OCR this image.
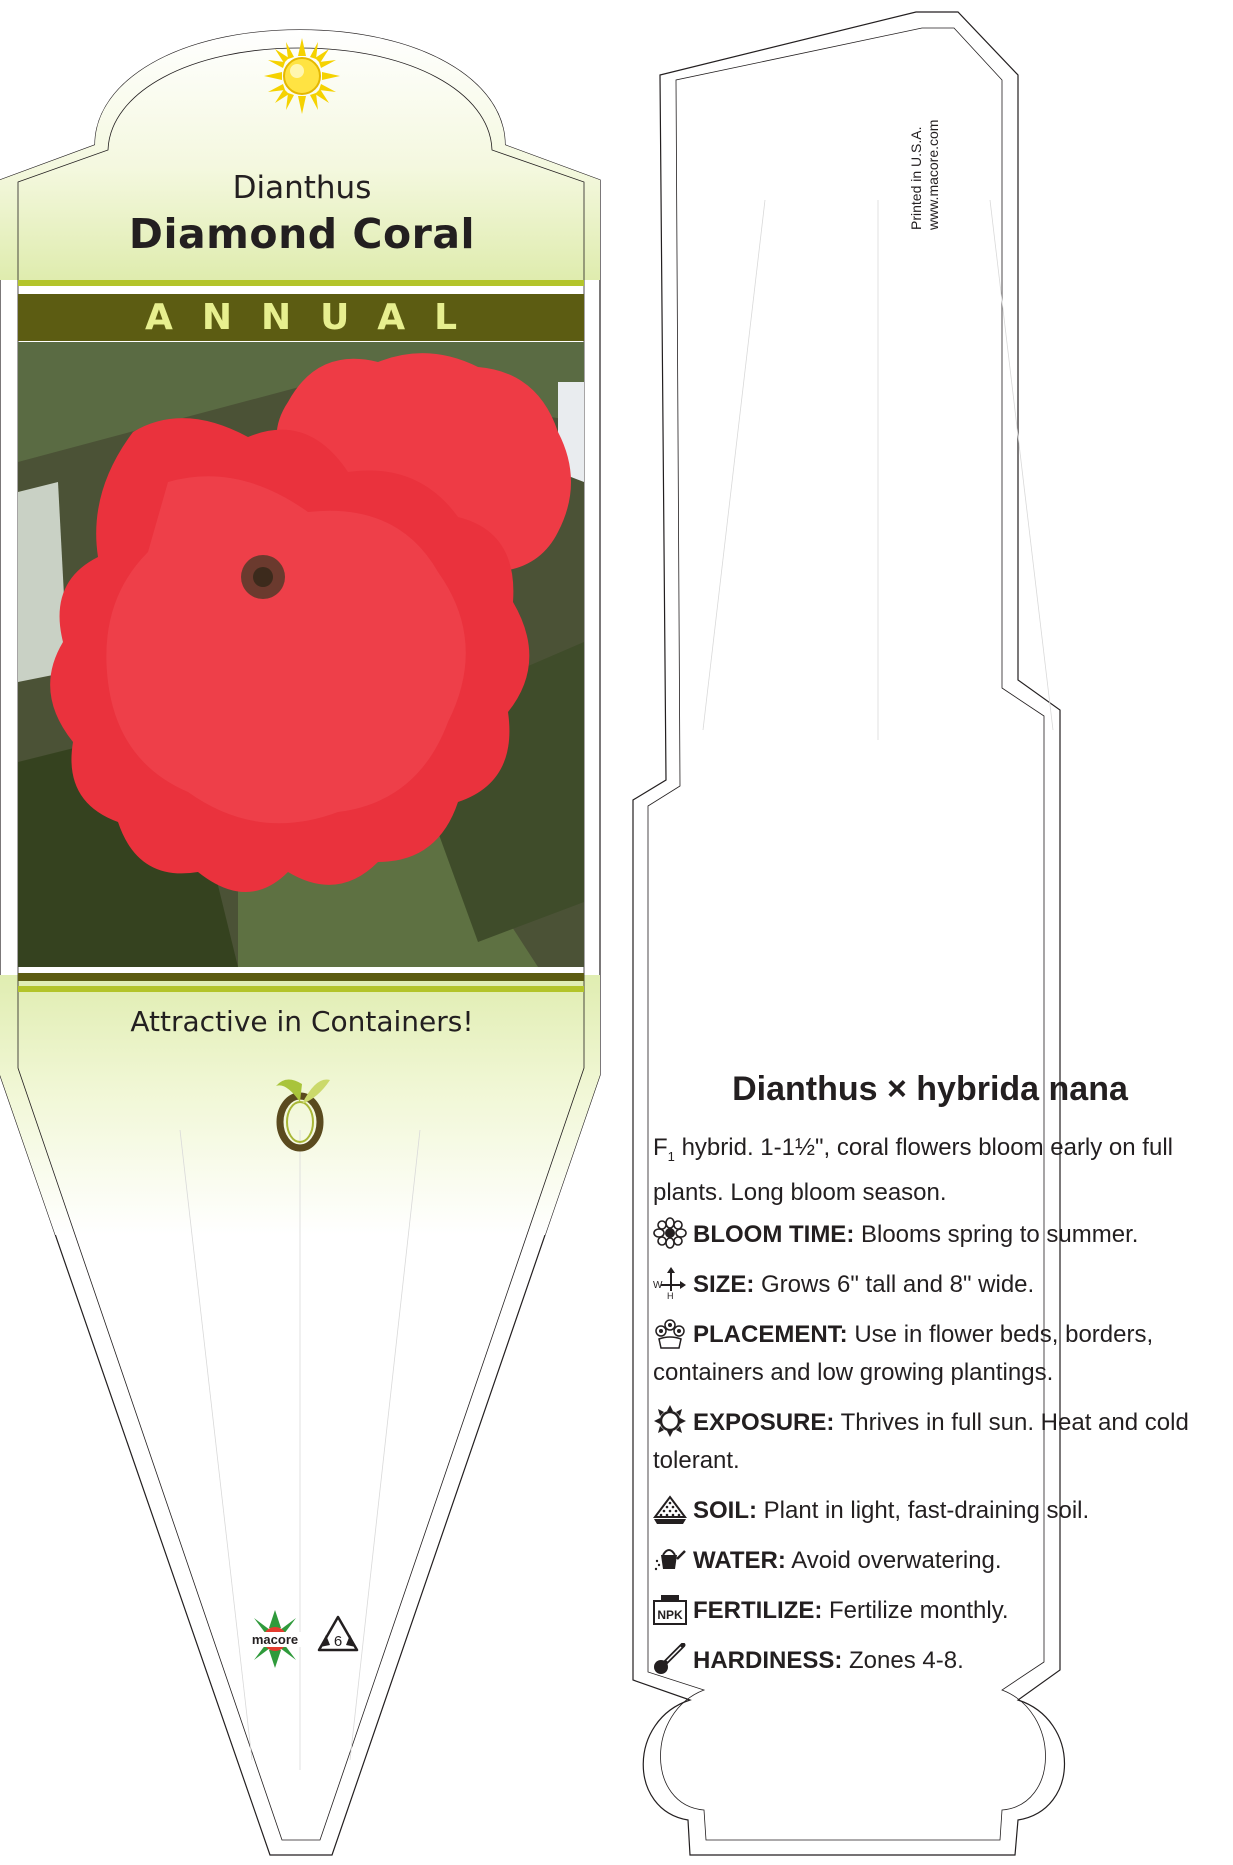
Dianthus
Diamond Coral
ANNUAL
Attractive in Containers!
macore 6
Printed in U.S.A. www.macore.com
Dianthus × hybrida nana
$F_1$ hybrid. 1-1½", coral flowers bloom early on full plants. Long bloom season.
BLOOM TIME: Blooms spring to summer.
W
H SIZE: Grows 6" tall and 8" wide.
PLACEMENT: Use in flower beds, borders, containers and low growing plantings.
EXPOSURE: Thrives in full sun. Heat and cold tolerant.
SOIL: Plant in light, fast-draining soil.
WATER: Avoid overwatering.
NPK FERTILIZE: Fertilize monthly.
HARDINESS: Zones 4-8.
